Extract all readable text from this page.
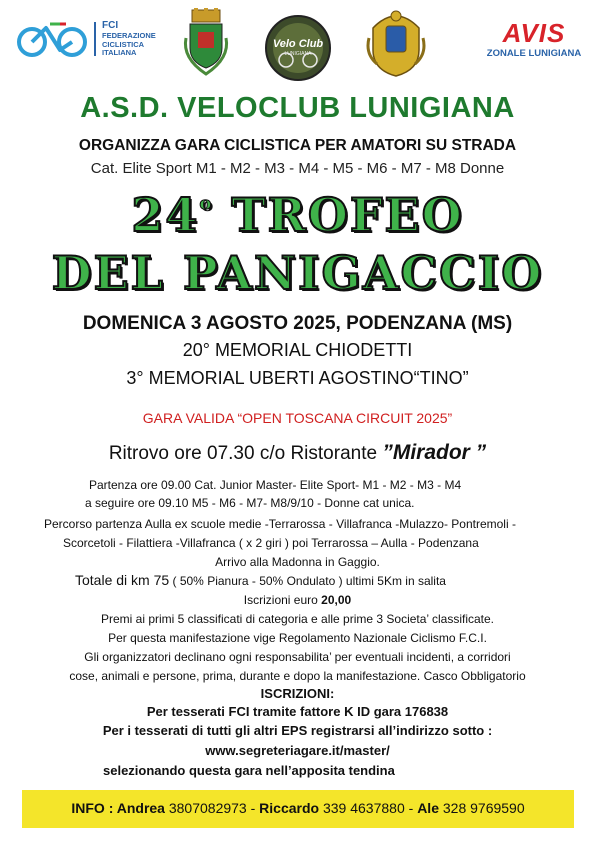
FCI
FEDERAZIONE
CICLISTICA
ITALIANA
Velo Club
LUNIGIANA
AVIS
ZONALE LUNIGIANA
A.S.D. VELOCLUB LUNIGIANA
ORGANIZZA GARA CICLISTICA PER AMATORI SU STRADA
Cat. Elite Sport M1 - M2 - M3 - M4 - M5 - M6 - M7 - M8 Donne
24$^o$ TROFEO
DEL PANIGACCIO
DOMENICA 3 AGOSTO 2025, PODENZANA (MS)
20° MEMORIAL CHIODETTI
3° MEMORIAL UBERTI AGOSTINO“TINO”
GARA VALIDA “OPEN TOSCANA CIRCUIT 2025”
Ritrovo ore 07.30 c/o Ristorante ”Mirador ”
Partenza ore 09.00 Cat. Junior Master- Elite Sport- M1 - M2 - M3 - M4
a seguire ore 09.10 M5 - M6 - M7- M8/9/10 - Donne cat unica.
Percorso partenza Aulla ex scuole medie -Terrarossa - Villafranca -Mulazzo- Pontremoli -
Scorcetoli - Filattiera -Villafranca ( x 2 giri ) poi Terrarossa – Aulla - Podenzana
Arrivo alla Madonna in Gaggio.
Totale di km 75 ( 50% Pianura - 50% Ondulato ) ultimi 5Km in salita
Iscrizioni euro 20,00
Premi ai primi 5 classificati di categoria e alle prime 3 Societa’ classificate.
Per questa manifestazione vige Regolamento Nazionale Ciclismo F.C.I.
Gli organizzatori declinano ogni responsabilita’ per eventuali incidenti, a corridori
cose, animali e persone, prima, durante e dopo la manifestazione. Casco Obbligatorio
ISCRIZIONI:
Per tesserati FCI tramite fattore K ID gara 176838
Per i tesserati di tutti gli altri EPS registrarsi all’indirizzo sotto :
www.segreteriagare.it/master/
selezionando questa gara nell’apposita tendina
INFO : Andrea 3807082973 - Riccardo 339 4637880 - Ale 328 9769590
